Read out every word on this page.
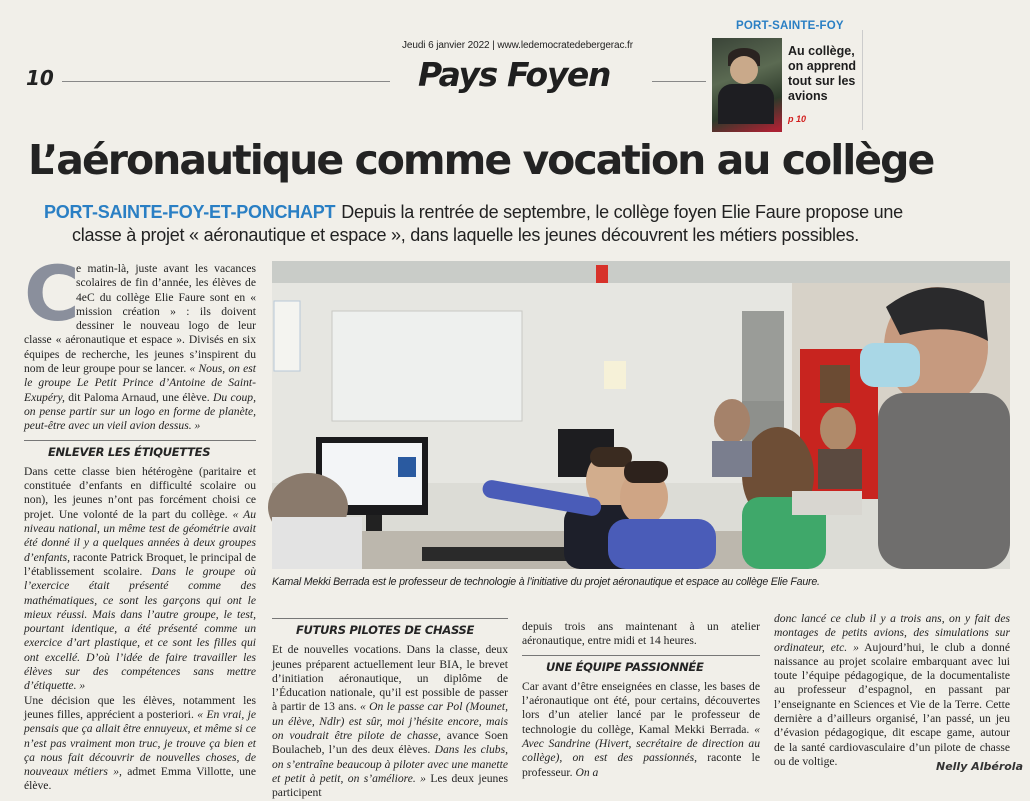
10
Jeudi 6 janvier 2022 | www.ledemocratedebergerac.fr
Pays Foyen
PORT-SAINTE-FOY
Au collège, on apprend tout sur les avions
p 10
L’aéronautique comme vocation au collège
PORT-SAINTE-FOY-ET-PONCHAPT Depuis la rentrée de septembre, le collège foyen Elie Faure propose une
classe à projet « aéronautique et espace », dans laquelle les jeunes découvrent les métiers possibles.

C
e matin-là, juste avant les vacances scolaires de fin d’année, les élèves de 4eC du collège Elie Faure sont en « mission création » : ils doivent dessiner le nouveau logo de leur classe « aéronautique et espace ». Divisés en six équipes de recherche, les jeunes s’inspirent du nom de leur groupe pour se lancer. « Nous, on est le groupe Le Petit Prince d’Antoine de Saint-Exupéry, dit Paloma Arnaud, une élève. Du coup, on pense partir sur un logo en forme de planète, peut-être avec un vieil avion dessus. »

ENLEVER LES ÉTIQUETTES

Dans cette classe bien hétérogène (paritaire et constituée d’enfants en difficulté scolaire ou non), les jeunes n’ont pas forcément choisi ce projet. Une volonté de la part du collège. « Au niveau national, un même test de géométrie avait été donné il y a quelques années à deux groupes d’enfants, raconte Patrick Broquet, le principal de l’établissement scolaire. Dans le groupe où l’exercice était présenté comme des mathématiques, ce sont les garçons qui ont le mieux réussi. Mais dans l’autre groupe, le test, pourtant identique, a été présenté comme un exercice d’art plastique, et ce sont les filles qui ont excellé. D’où l’idée de faire travailler les élèves sur des compétences sans mettre d’étiquette. »

Une décision que les élèves, notamment les jeunes filles, apprécient a posteriori. « En vrai, je pensais que ça allait être ennuyeux, et même si ce n’est pas vraiment mon truc, je trouve ça bien et ça nous fait découvrir de nouvelles choses, de nouveaux métiers », admet Emma Villotte, une élève.

Kamal Mekki Berrada est le professeur de technologie à l’initiative du projet aéronautique et espace au collège Elie Faure.
FUTURS PILOTES DE CHASSE

Et de nouvelles vocations. Dans la classe, deux jeunes préparent actuellement leur BIA, le brevet d’initiation aéronautique, un diplôme de l’Éducation nationale, qu’il est possible de passer à partir de 13 ans. « On le passe car Pol (Mounet, un élève, Ndlr) est sûr, moi j’hésite encore, mais on voudrait être pilote de chasse, avance Soen Boulacheb, l’un des deux élèves. Dans les clubs, on s’entraîne beaucoup à piloter avec une manette et petit à petit, on s’améliore. » Les deux jeunes participent

depuis trois ans maintenant à un atelier aéronautique, entre midi et 14 heures.

UNE ÉQUIPE PASSIONNÉE

Car avant d’être enseignées en classe, les bases de l’aéronautique ont été, pour certains, découvertes lors d’un atelier lancé par le professeur de technologie du collège, Kamal Mekki Berrada. « Avec Sandrine (Hivert, secrétaire de direction au collège), on est des passionnés, raconte le professeur. On a

donc lancé ce club il y a trois ans, on y fait des montages de petits avions, des simulations sur ordinateur, etc. » Aujourd’hui, le club a donné naissance au projet scolaire embarquant avec lui toute l’équipe pédagogique, de la documentaliste au professeur d’espagnol, en passant par l’enseignante en Sciences et Vie de la Terre. Cette dernière a d’ailleurs organisé, l’an passé, un jeu d’évasion pédagogique, dit escape game, autour de la santé cardiovasculaire d’un pilote de chasse ou de voltige.	Nelly Albérola
